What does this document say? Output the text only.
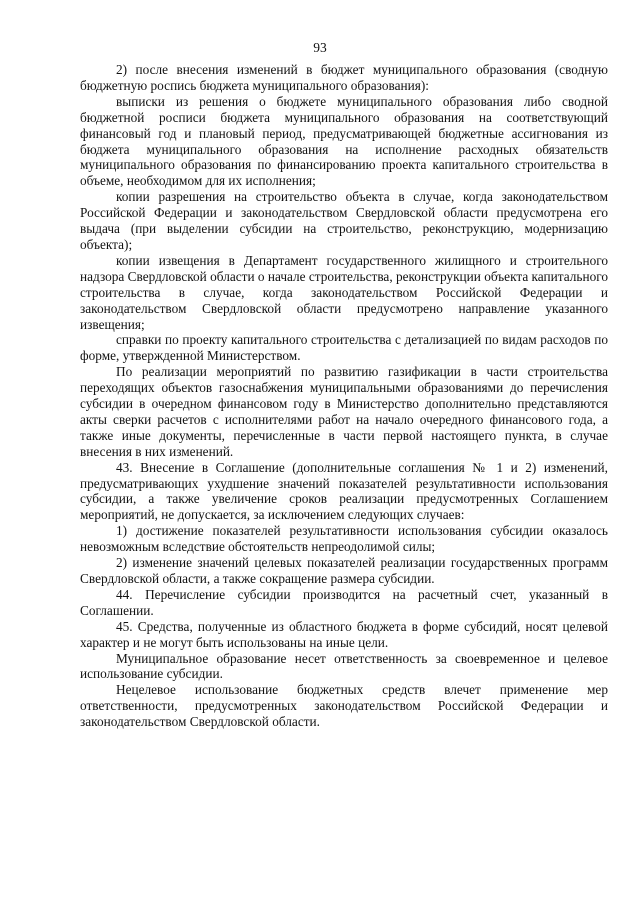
93

2) после внесения изменений в бюджет муниципального образования (сводную бюджетную роспись бюджета муниципального образования):

выписки из решения о бюджете муниципального образования либо сводной бюджетной росписи бюджета муниципального образования на соответствующий финансовый год и плановый период, предусматривающей бюджетные ассигнования из бюджета муниципального образования на исполнение расходных обязательств муниципального образования по финансированию проекта капитального строительства в объеме, необходимом для их исполнения;

копии разрешения на строительство объекта в случае, когда законодательством Российской Федерации и законодательством Свердловской области предусмотрена его выдача (при выделении субсидии на строительство, реконструкцию, модернизацию объекта);

копии извещения в Департамент государственного жилищного и строительного надзора Свердловской области о начале строительства, реконструкции объекта капитального строительства в случае, когда законодательством Российской Федерации и законодательством Свердловской области предусмотрено направление указанного извещения;

справки по проекту капитального строительства с детализацией по видам расходов по форме, утвержденной Министерством.

По реализации мероприятий по развитию газификации в части строительства переходящих объектов газоснабжения муниципальными образованиями до перечисления субсидии в очередном финансовом году в Министерство дополнительно представляются акты сверки расчетов с исполнителями работ на начало очередного финансового года, а также иные документы, перечисленные в части первой настоящего пункта, в случае внесения в них изменений.

43. Внесение в Соглашение (дополнительные соглашения № 1 и 2) изменений, предусматривающих ухудшение значений показателей результативности использования субсидии, а также увеличение сроков реализации предусмотренных Соглашением мероприятий, не допускается, за исключением следующих случаев:

1) достижение показателей результативности использования субсидии оказалось невозможным вследствие обстоятельств непреодолимой силы;

2) изменение значений целевых показателей реализации государственных программ Свердловской области, а также сокращение размера субсидии.

44. Перечисление субсидии производится на расчетный счет, указанный в Соглашении.

45. Средства, полученные из областного бюджета в форме субсидий, носят целевой характер и не могут быть использованы на иные цели.

Муниципальное образование несет ответственность за своевременное и целевое использование субсидии.

Нецелевое использование бюджетных средств влечет применение мер ответственности, предусмотренных законодательством Российской Федерации и законодательством Свердловской области.
